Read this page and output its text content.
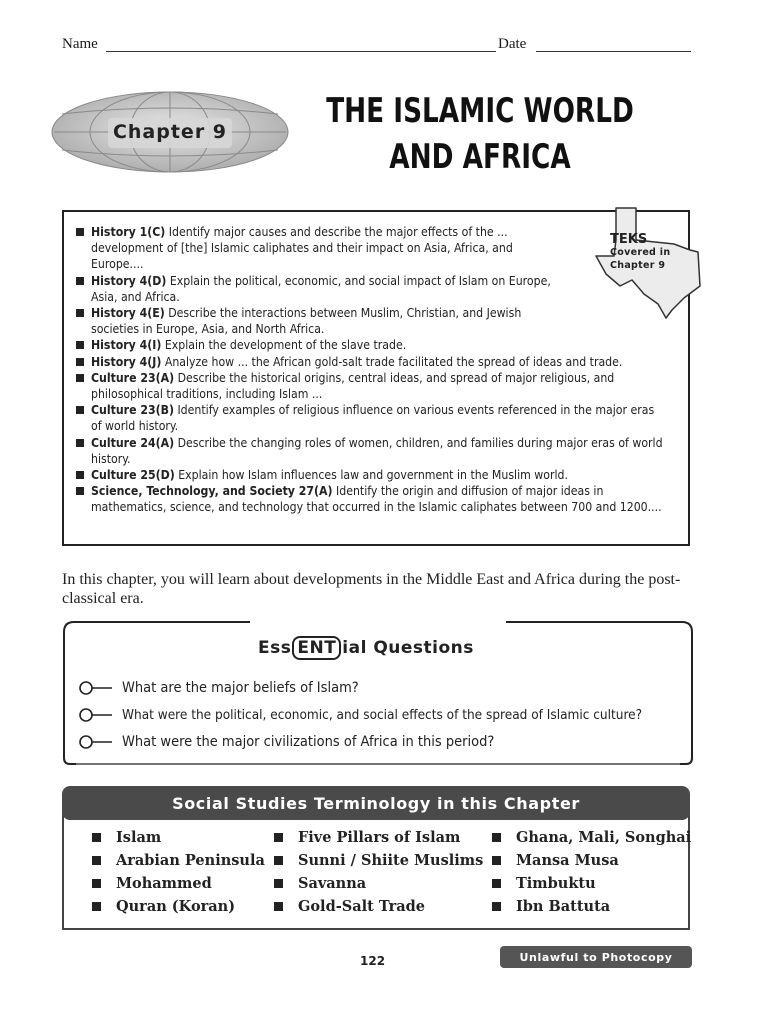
Name	Date
Chapter 9
THE ISLAMIC WORLD
AND AFRICA
TEKS
Covered in
Chapter 9
History 1(C) Identify major causes and describe the major effects of the ... development of [the] Islamic caliphates and their impact on Asia, Africa, and Europe....
History 4(D) Explain the political, economic, and social impact of Islam on Europe, Asia, and Africa.
History 4(E) Describe the interactions between Muslim, Christian, and Jewish societies in Europe, Asia, and North Africa.
History 4(I) Explain the development of the slave trade.
History 4(J) Analyze how ... the African gold-salt trade facilitated the spread of ideas and trade.
Culture 23(A) Describe the historical origins, central ideas, and spread of major religious, and philosophical traditions, including Islam ...
Culture 23(B) Identify examples of religious influence on various events referenced in the major eras of world history.
Culture 24(A) Describe the changing roles of women, children, and families during major eras of world history.
Culture 25(D) Explain how Islam influences law and government in the Muslim world.
Science, Technology, and Society 27(A) Identify the origin and diffusion of major ideas in mathematics, science, and technology that occurred in the Islamic caliphates between 700 and 1200....
In this chapter, you will learn about developments in the Middle East and Africa during the post-classical era.
Ess ENT ial Questions
What are the major beliefs of Islam?
What were the political, economic, and social effects of the spread of Islamic culture?
What were the major civilizations of Africa in this period?
Social Studies Terminology in this Chapter
Islam
Arabian Peninsula
Mohammed
Quran (Koran)
Five Pillars of Islam
Sunni / Shiite Muslims
Savanna
Gold-Salt Trade
Ghana, Mali, Songhai
Mansa Musa
Timbuktu
Ibn Battuta
122	Unlawful to Photocopy
